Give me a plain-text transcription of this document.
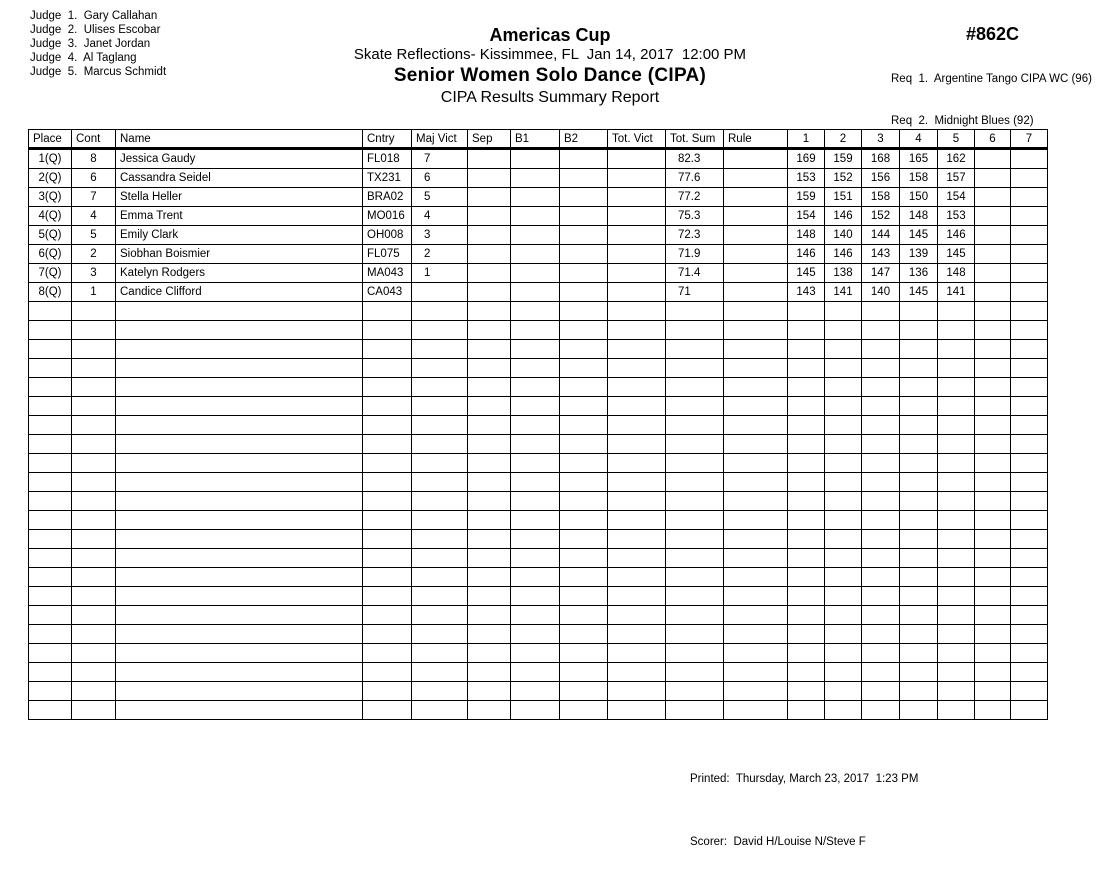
Judge  1.  Gary Callahan
Judge  2.  Ulises Escobar
Judge  3.  Janet Jordan
Judge  4.  Al Taglang
Judge  5.  Marcus Schmidt
Americas Cup
Skate Reflections- Kissimmee, FL  Jan 14, 2017  12:00 PM
Senior Women Solo Dance (CIPA)
CIPA Results Summary Report
#862C

Req  1.  Argentine Tango CIPA WC (96)

Req  2.  Midnight Blues (92)

Place	Cont	Name	Cntry	Maj Vict	Sep	B1	B2	Tot. Vict	Tot. Sum	Rule	1	2	3	4	5	6	7
1(Q)	8	Jessica Gaudy	FL018	7					82.3		169	159	168	165	162		
2(Q)	6	Cassandra Seidel	TX231	6					77.6		153	152	156	158	157		
3(Q)	7	Stella Heller	BRA02	5					77.2		159	151	158	150	154		
4(Q)	4	Emma Trent	MO016	4					75.3		154	146	152	148	153		
5(Q)	5	Emily Clark	OH008	3					72.3		148	140	144	145	146		
6(Q)	2	Siobhan Boismier	FL075	2					71.9		146	146	143	139	145		
7(Q)	3	Katelyn Rodgers	MA043	1					71.4		145	138	147	136	148		
8(Q)	1	Candice Clifford	CA043						71		143	141	140	145	141		

Printed:  Thursday, March 23, 2017  1:23 PM

Scorer:  David H/Louise N/Steve F
